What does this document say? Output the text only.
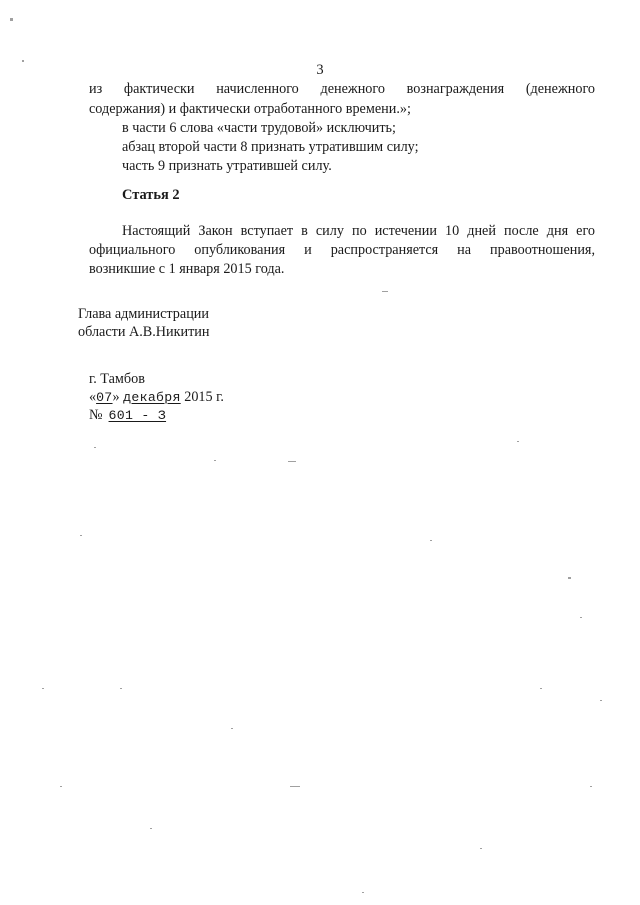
3
из фактически начисленного денежного вознаграждения (денежного
содержания) и фактически отработанного времени.»;
в части 6 слова «части трудовой» исключить;
абзац второй части 8 признать утратившим силу;
часть 9 признать утратившей силу.
Статья 2
Настоящий Закон вступает в силу по истечении 10 дней после дня его
официального опубликования и распространяется на правоотношения,
возникшие с 1 января 2015 года.
Глава администрации
области А.В.Никитин
г. Тамбов
«07» декабря 2015 г.
№ 601 - З
